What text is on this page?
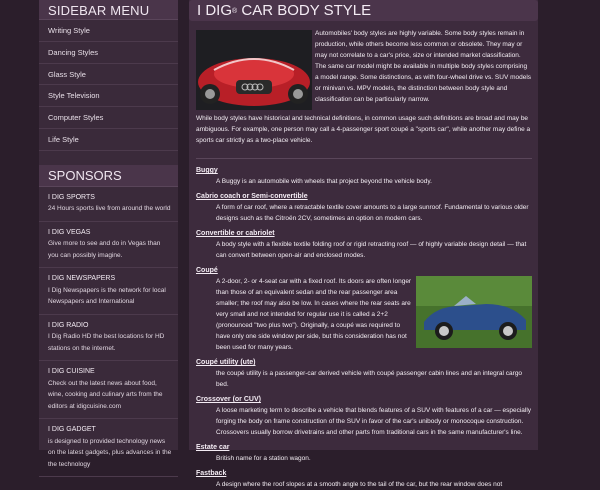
SIDEBAR MENU
Writing Style
Dancing Styles
Glass Style
Style Television
Computer Styles
Life Style
SPONSORS
I DIG SPORTS
24 Hours sports live from around the world
I DIG VEGAS
Give more to see and do in Vegas than you can possibly imagine.
I DIG NEWSPAPERS
I Dig Newspapers is the network for local Newspapers and International
I DIG RADIO
I Dig Radio HD the best locations for HD stations on the internet.
I DIG CUISINE
Check out the latest news about food, wine, cooking and culinary arts from the editors at idigcuisine.com
I DIG GADGET
is designed to provided technology news on the latest gadgets, plus advances in the the technology
I DIG® CAR BODY STYLE

Automobiles' body styles are highly variable. Some body styles remain in production, while others become less common or obsolete. They may or may not correlate to a car's price, size or intended market classification. The same car model might be available in multiple body styles comprising a model range. Some distinctions, as with four-wheel drive vs. SUV models or minivan vs. MPV models, the distinction between body style and classification can be particularly narrow.

While body styles have historical and technical definitions, in common usage such definitions are broad and may be ambiguous. For example, one person may call a 4-passenger sport coupé a "sports car", while another may define a sports car strictly as a two-place vehicle.

Buggy
A Buggy is an automobile with wheels that project beyond the vehicle body.
Cabrio coach or Semi-convertible
A form of car roof, where a retractable textile cover amounts to a large sunroof. Fundamental to various older designs such as the Citroën 2CV, sometimes an option on modern cars.
Convertible or cabriolet
A body style with a flexible textile folding roof or rigid retracting roof — of highly variable design detail — that can convert between open-air and enclosed modes.
Coupé
A 2-door, 2- or 4-seat car with a fixed roof. Its doors are often longer than those of an equivalent sedan and the rear passenger area smaller; the roof may also be low. In cases where the rear seats are very small and not intended for regular use it is called a 2+2 (pronounced "two plus two"). Originally, a coupé was required to have only one side window per side, but this consideration has not been used for many years.
Coupé utility (ute)
the coupé utility is a passenger-car derived vehicle with coupé passenger cabin lines and an integral cargo bed.
Crossover (or CUV)
A loose marketing term to describe a vehicle that blends features of a SUV with features of a car — especially forging the body on frame construction of the SUV in favor of the car's unibody or monocoque construction. Crossovers usually borrow drivetrains and other parts from traditional cars in the same manufacturer's line.
Estate car
British name for a station wagon.
Fastback
A design where the roof slopes at a smooth angle to the tail of the car, but the rear window does not
